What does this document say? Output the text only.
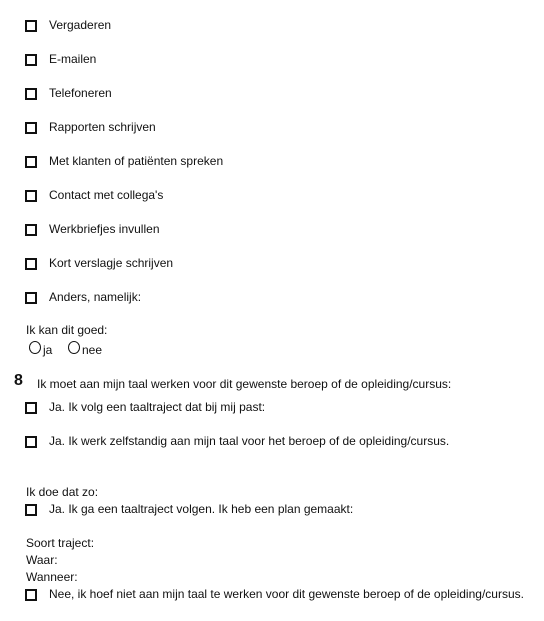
Vergaderen
E-mailen
Telefoneren
Rapporten schrijven
Met klanten of patiënten spreken
Contact met collega's
Werkbriefjes invullen
Kort verslagje schrijven
Anders, namelijk:
Ik kan dit goed:
ja nee
8 Ik moet aan mijn taal werken voor dit gewenste beroep of de opleiding/cursus:
Ja. Ik volg een taaltraject dat bij mij past:
Ja. Ik werk zelfstandig aan mijn taal voor het beroep of de opleiding/cursus.
Ik doe dat zo:
Ja. Ik ga een taaltraject volgen. Ik heb een plan gemaakt:
Soort traject:
Waar:
Wanneer:
Nee, ik hoef niet aan mijn taal te werken voor dit gewenste beroep of de opleiding/cursus.
